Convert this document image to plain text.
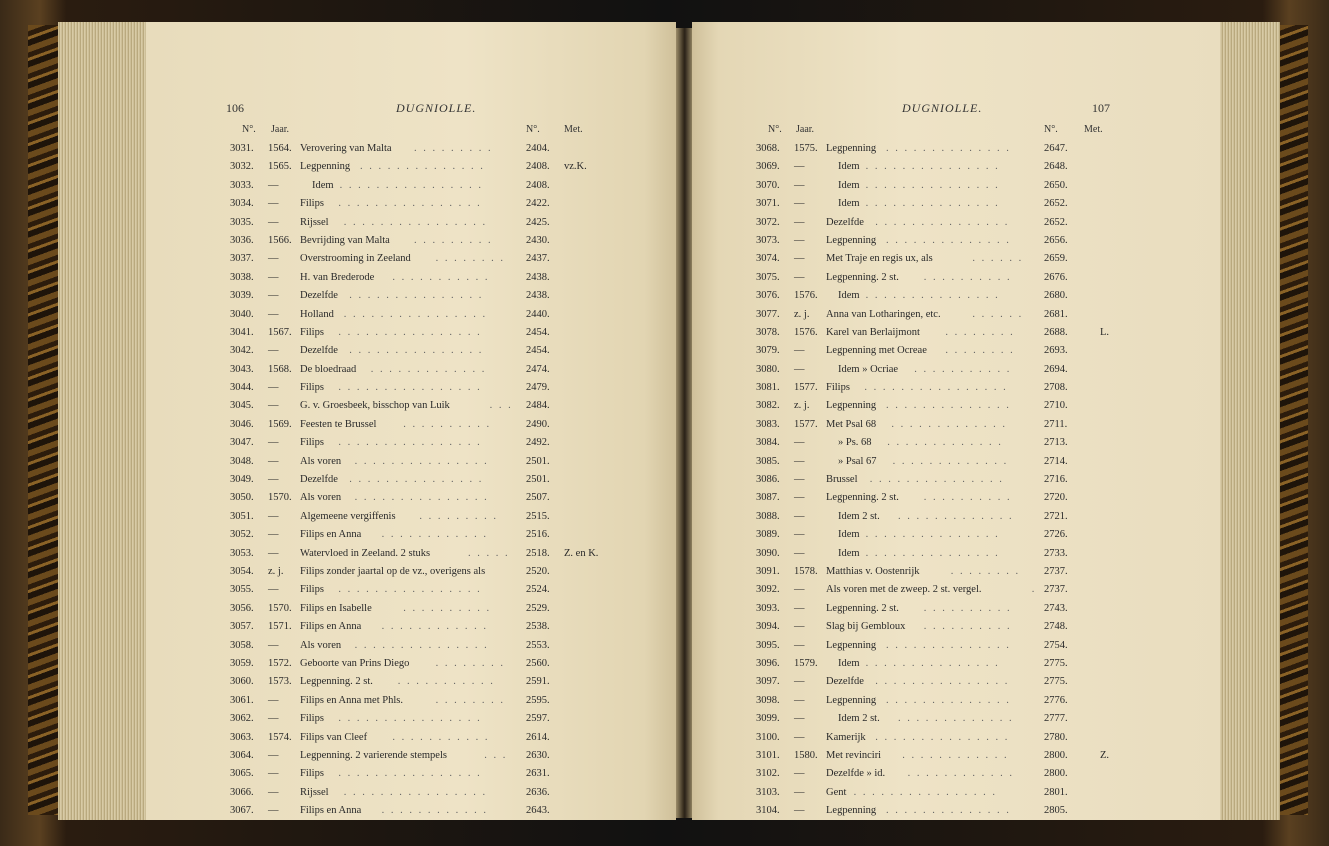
106	DUGNIOLLE.
N°. Jaar.	N°. Met.
3031. 1564. Verovering van Malta . . . . . . . . .	2404.
3032. 1565. Legpenning . . . . . . . . . . . . . .	2408. vz.K.
3033. —	Idem . . . . . . . . . . . . . . . .	2408.
3034. — Filips . . . . . . . . . . . . . . . .	2422.
3035. — Rijssel . . . . . . . . . . . . . . . .	2425.
3036. 1566. Bevrijding van Malta . . . . . . . . .	2430.
3037. — Overstrooming in Zeeland . . . . . . . . 2437.
3038. — H. van Brederode . . . . . . . . . . .	2438.
3039. — Dezelfde . . . . . . . . . . . . . . .	2438.
3040. — Holland . . . . . . . . . . . . . . . .	2440.
3041. 1567. Filips . . . . . . . . . . . . . . . .	2454.
3042. — Dezelfde . . . . . . . . . . . . . . .	2454.
3043. 1568. De bloedraad . . . . . . . . . . . . .	2474.
3044. — Filips . . . . . . . . . . . . . . . .	2479.
3045. — G. v. Groesbeek, bisschop van Luik	. . . 2484.
3046. 1569. Feesten te Brussel	. . . . . . . . . .	2490.
3047. — Filips . . . . . . . . . . . . . . . .	2492.
3048. — Als voren . . . . . . . . . . . . . . .	2501.
3049. — Dezelfde . . . . . . . . . . . . . . .	2501.
3050. 1570. Als voren . . . . . . . . . . . . . . .	2507.
3051. — Algemeene vergiffenis . . . . . . . . .	2515.
3052. — Filips en Anna . . . . . . . . . . . .	2516.
3053. — Watervloed in Zeeland. 2 stuks	. . . . . 2518. Z. en K.
3054. z. j. Filips zonder jaartal op de vz., overigens als	2520.
3055. — Filips . . . . . . . . . . . . . . . .	2524.
3056. 1570. Filips en Isabelle	. . . . . . . . . .	2529.
3057. 1571. Filips en Anna . . . . . . . . . . . .	2538.
3058. — Als voren . . . . . . . . . . . . . . .	2553.
3059. 1572. Geboorte van Prins Diego . . . . . . . . 2560.
3060. 1573. Legpenning. 2 st. . . . . . . . . . . .	2591.
3061. — Filips en Anna met Phls.	. . . . . . . . 2595.
3062. — Filips . . . . . . . . . . . . . . . .	2597.
3063. 1574. Filips van Cleef . . . . . . . . . . .	2614.
3064. — Legpenning. 2 varierende stempels	. . . 2630.
3065. — Filips . . . . . . . . . . . . . . . .	2631.
3066. — Rijssel . . . . . . . . . . . . . . . .	2636.
3067. — Filips en Anna . . . . . . . . . . . .	2643.
DUGNIOLLE.	107
N°. Jaar.	N°.	Met.
3068. 1575. Legpenning . . . . . . . . . . . . . .	2647.
3069. —	Idem . . . . . . . . . . . . . . .	2648.
3070. —	Idem . . . . . . . . . . . . . . .	2650.
3071. —	Idem . . . . . . . . . . . . . . .	2652.
3072. — Dezelfde . . . . . . . . . . . . . . .	2652.
3073. — Legpenning . . . . . . . . . . . . . .	2656.
3074. — Met Traje en regis ux, als	. . . . . . 2659.
3075. — Legpenning. 2 st. . . . . . . . . . .	2676.
3076. 1576. Idem . . . . . . . . . . . . . . .	2680.
3077. z. j. Anna van Lotharingen, etc.	. . . . . . 2681.
3078. 1576. Karel van Berlaijmont . . . . . . . .	2688.	L.
3079. — Legpenning met Ocreae . . . . . . . .	2693.
3080. —	Idem » Ocriae . . . . . . . . . . .	2694.
3081. 1577. Filips . . . . . . . . . . . . . . . .	2708.
3082. z. j. Legpenning . . . . . . . . . . . . . .	2710.
3083. 1577. Met Psal 68 . . . . . . . . . . . . .	2711.
3084. —	» Ps. 68 . . . . . . . . . . . . .	2713.
3085. —	» Psal 67 . . . . . . . . . . . . .	2714.
3086. — Brussel . . . . . . . . . . . . . . .	2716.
3087. — Legpenning. 2 st. . . . . . . . . . .	2720.
3088. —	Idem 2 st. . . . . . . . . . . . . .	2721.
3089. —	Idem . . . . . . . . . . . . . . .	2726.
3090. —	Idem . . . . . . . . . . . . . . .	2733.
3091. 1578. Matthias v. Oostenrijk	. . . . . . . . 2737.
3092. — Als voren met de zweep. 2 st. vergel.	. 2737.
3093. — Legpenning. 2 st. . . . . . . . . . .	2743.
3094. — Slag bij Gembloux . . . . . . . . . .	2748.
3095. — Legpenning . . . . . . . . . . . . . .	2754.
3096. 1579. Idem . . . . . . . . . . . . . . .	2775.
3097. — Dezelfde . . . . . . . . . . . . . . .	2775.
3098. — Legpenning . . . . . . . . . . . . . .	2776.
3099. —	Idem 2 st. . . . . . . . . . . . . .	2777.
3100. — Kamerijk . . . . . . . . . . . . . . .	2780.
3101. 1580. Met revinciri . . . . . . . . . . . .	2800.	Z.
3102. — Dezelfde » id. . . . . . . . . . . . .	2800.
3103. — Gent . . . . . . . . . . . . . . . .	2801.
3104. — Legpenning . . . . . . . . . . . . . .	2805.
